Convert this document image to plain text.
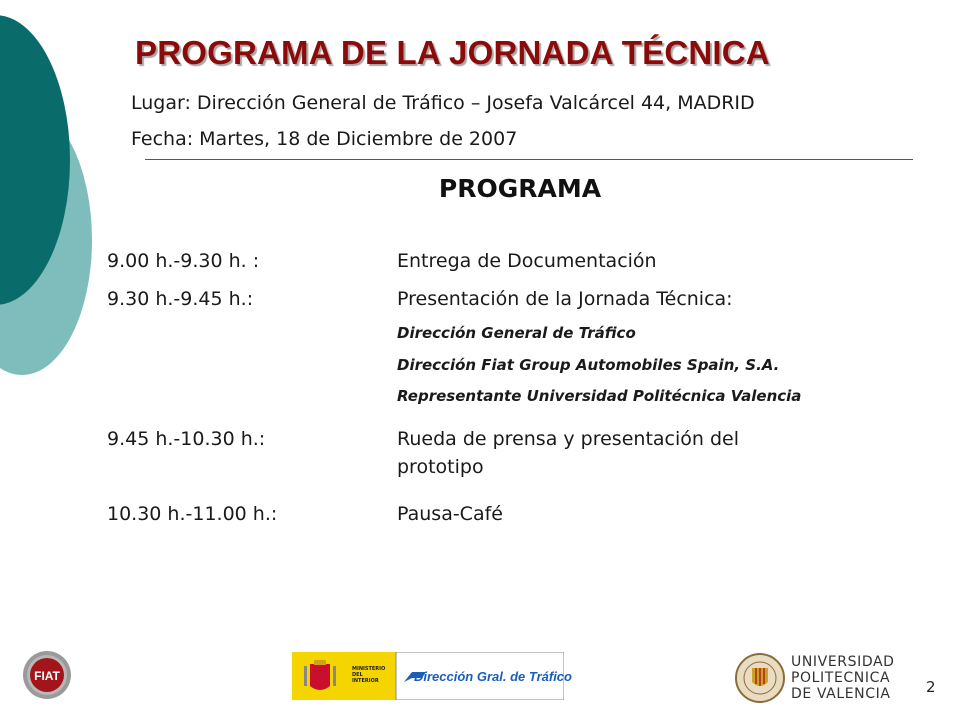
PROGRAMA DE LA JORNADA TÉCNICA
Lugar: Dirección General de Tráfico – Josefa Valcárcel 44, MADRID
Fecha: Martes, 18 de Diciembre de 2007
PROGRAMA
9.00 h.-9.30 h. :	Entrega de Documentación
9.30 h.-9.45 h.:	Presentación de la Jornada Técnica:
Dirección General de Tráfico
Dirección Fiat Group Automobiles Spain, S.A.
Representante Universidad Politécnica Valencia
9.45 h.-10.30 h.:	Rueda de prensa y presentación del
prototipo
10.30 h.-11.00 h.:	Pausa-Café
FIAT	MINISTERIO DEL INTERIOR	Dirección Gral. de Tráfico
UNIVERSIDAD
POLITECNICA
DE VALENCIA 2
